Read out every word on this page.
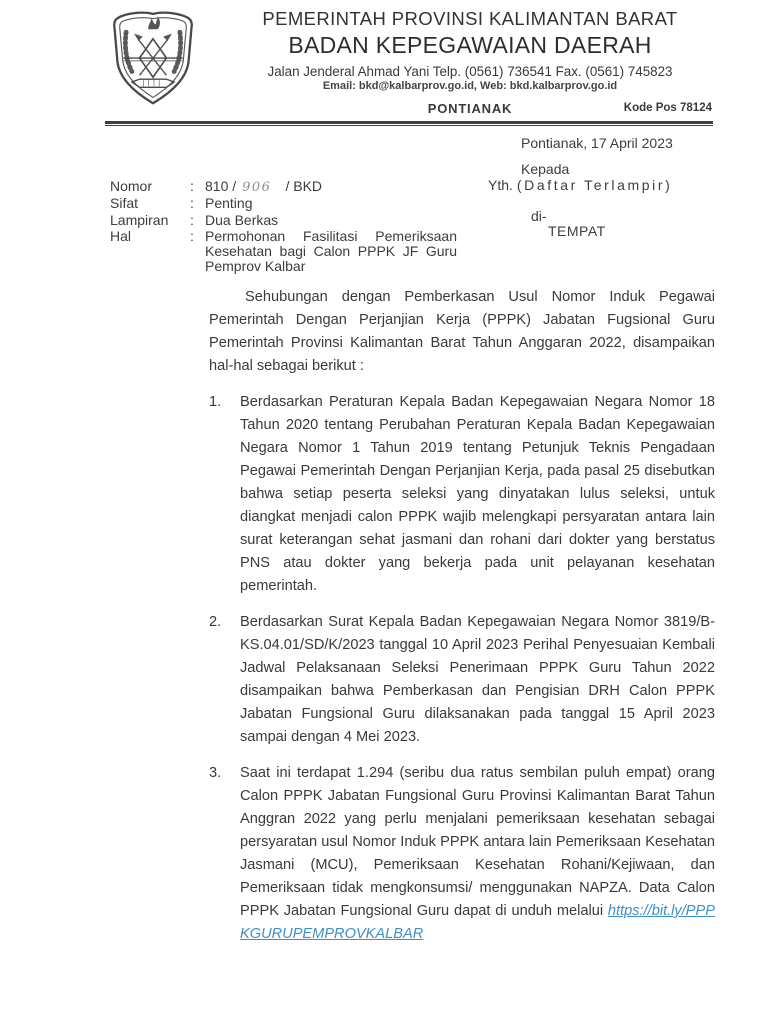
PEMERINTAH PROVINSI KALIMANTAN BARAT
BADAN KEPEGAWAIAN DAERAH
Jalan Jenderal Ahmad Yani Telp. (0561) 736541 Fax. (0561) 745823
Email: bkd@kalbarprov.go.id, Web: bkd.kalbarprov.go.id
PONTIANAK	Kode Pos 78124
Pontianak, 17 April 2023
Kepada
Yth. (Daftar Terlampir)
di-
TEMPAT
Nomor	: 810 / 906 / BKD
Sifat	: Penting
Lampiran	: Dua Berkas
Hal	: Permohonan Fasilitasi Pemeriksaan Kesehatan bagi Calon PPPK JF Guru Pemprov Kalbar
Sehubungan dengan Pemberkasan Usul Nomor Induk Pegawai Pemerintah Dengan Perjanjian Kerja (PPPK) Jabatan Fugsional Guru Pemerintah Provinsi Kalimantan Barat Tahun Anggaran 2022, disampaikan hal-hal sebagai berikut :
1.	Berdasarkan Peraturan Kepala Badan Kepegawaian Negara Nomor 18 Tahun 2020 tentang Perubahan Peraturan Kepala Badan Kepegawaian Negara Nomor 1 Tahun 2019 tentang Petunjuk Teknis Pengadaan Pegawai Pemerintah Dengan Perjanjian Kerja, pada pasal 25 disebutkan bahwa setiap peserta seleksi yang dinyatakan lulus seleksi, untuk diangkat menjadi calon PPPK wajib melengkapi persyaratan antara lain surat keterangan sehat jasmani dan rohani dari dokter yang berstatus PNS atau dokter yang bekerja pada unit pelayanan kesehatan pemerintah.
2.	Berdasarkan Surat Kepala Badan Kepegawaian Negara Nomor 3819/B-KS.04.01/SD/K/2023 tanggal 10 April 2023 Perihal Penyesuaian Kembali Jadwal Pelaksanaan Seleksi Penerimaan PPPK Guru Tahun 2022 disampaikan bahwa Pemberkasan dan Pengisian DRH Calon PPPK Jabatan Fungsional Guru dilaksanakan pada tanggal 15 April 2023 sampai dengan 4 Mei 2023.
3.	Saat ini terdapat 1.294 (seribu dua ratus sembilan puluh empat) orang Calon PPPK Jabatan Fungsional Guru Provinsi Kalimantan Barat Tahun Anggran 2022 yang perlu menjalani pemeriksaan kesehatan sebagai persyaratan usul Nomor Induk PPPK antara lain Pemeriksaan Kesehatan Jasmani (MCU), Pemeriksaan Kesehatan Rohani/Kejiwaan, dan Pemeriksaan tidak mengkonsumsi/ menggunakan NAPZA. Data Calon PPPK Jabatan Fungsional Guru dapat di unduh melalui https://bit.ly/PPPKGURUPEMPROVKALBAR
